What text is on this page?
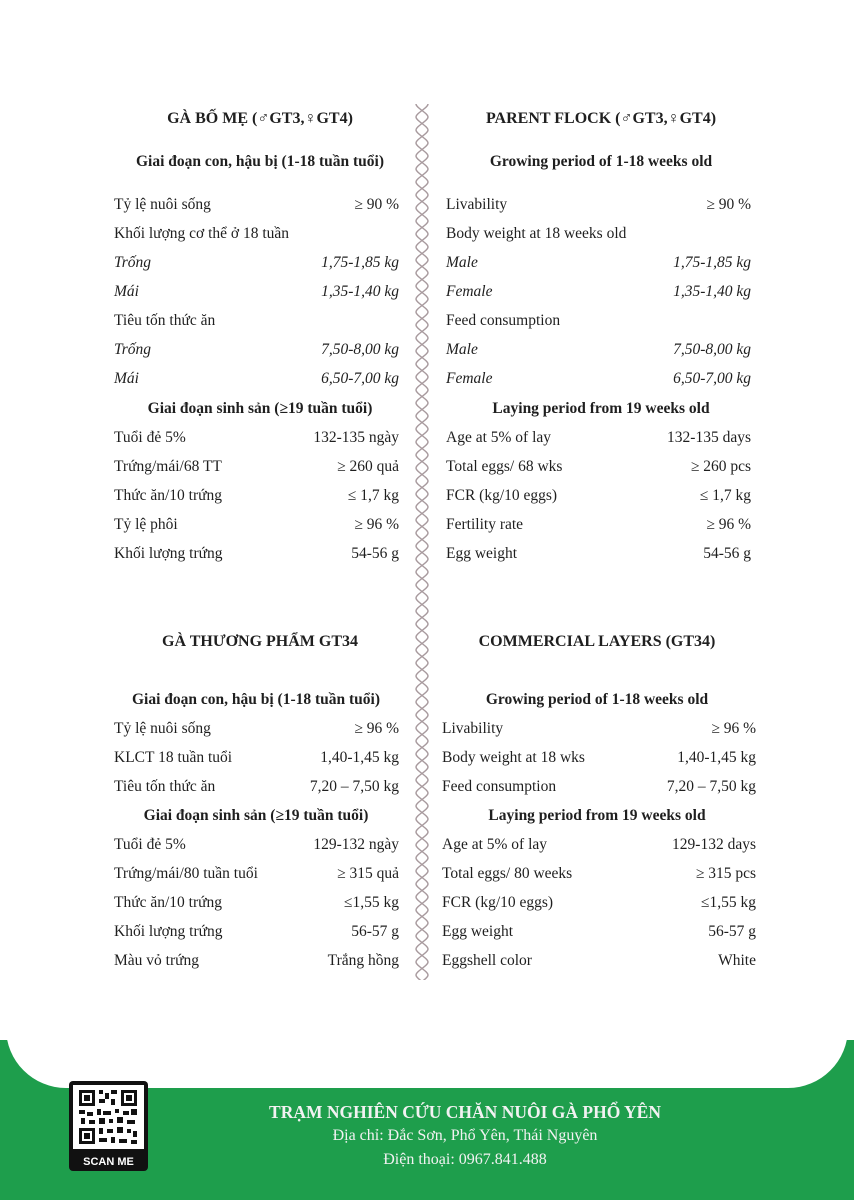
GÀ BỐ MẸ (♂GT3,♀GT4)
Giai đoạn con, hậu bị (1-18 tuần tuổi)
Tỷ lệ nuôi sống	≥ 90 %
Khối lượng cơ thể ở 18 tuần
Trống	1,75-1,85 kg
Mái	1,35-1,40 kg
Tiêu tốn thức ăn
Trống	7,50-8,00 kg
Mái	6,50-7,00 kg
Giai đoạn sinh sản (≥19 tuần tuổi)
Tuổi đẻ 5%	132-135 ngày
Trứng/mái/68 TT	≥ 260 quả
Thức ăn/10 trứng	≤ 1,7 kg
Tỷ lệ phôi	≥ 96 %
Khối lượng trứng	54-56 g
PARENT FLOCK (♂GT3,♀GT4)
Growing period of 1-18 weeks old
Livability	≥ 90 %
Body weight at 18 weeks old
Male	1,75-1,85 kg
Female	1,35-1,40 kg
Feed consumption
Male	7,50-8,00 kg
Female	6,50-7,00 kg
Laying period from 19 weeks old
Age at 5% of lay	132-135 days
Total eggs/ 68 wks	≥ 260 pcs
FCR (kg/10 eggs)	≤ 1,7 kg
Fertility rate	≥ 96 %
Egg weight	54-56 g
GÀ THƯƠNG PHẨM GT34
Giai đoạn con, hậu bị (1-18 tuần tuổi)
Tỷ lệ nuôi sống	≥ 96 %
KLCT 18 tuần tuổi	1,40-1,45 kg
Tiêu tốn thức ăn	7,20 – 7,50 kg
Giai đoạn sinh sản (≥19 tuần tuổi)
Tuổi đẻ 5%	129-132 ngày
Trứng/mái/80 tuần tuổi	≥ 315 quả
Thức ăn/10 trứng	≤1,55 kg
Khối lượng trứng	56-57 g
Màu vỏ trứng	Trắng hồng
COMMERCIAL LAYERS (GT34)
Growing period of 1-18 weeks old
Livability	≥ 96 %
Body weight at 18 wks	1,40-1,45 kg
Feed consumption	7,20 – 7,50 kg
Laying period from 19 weeks old
Age at 5% of lay	129-132 days
Total eggs/ 80 weeks	≥ 315 pcs
FCR (kg/10 eggs)	≤1,55 kg
Egg weight	56-57 g
Eggshell color	White
SCAN ME
TRẠM NGHIÊN CỨU CHĂN NUÔI GÀ PHỔ YÊN
Địa chỉ: Đắc Sơn, Phổ Yên, Thái Nguyên
Điện thoại: 0967.841.488
